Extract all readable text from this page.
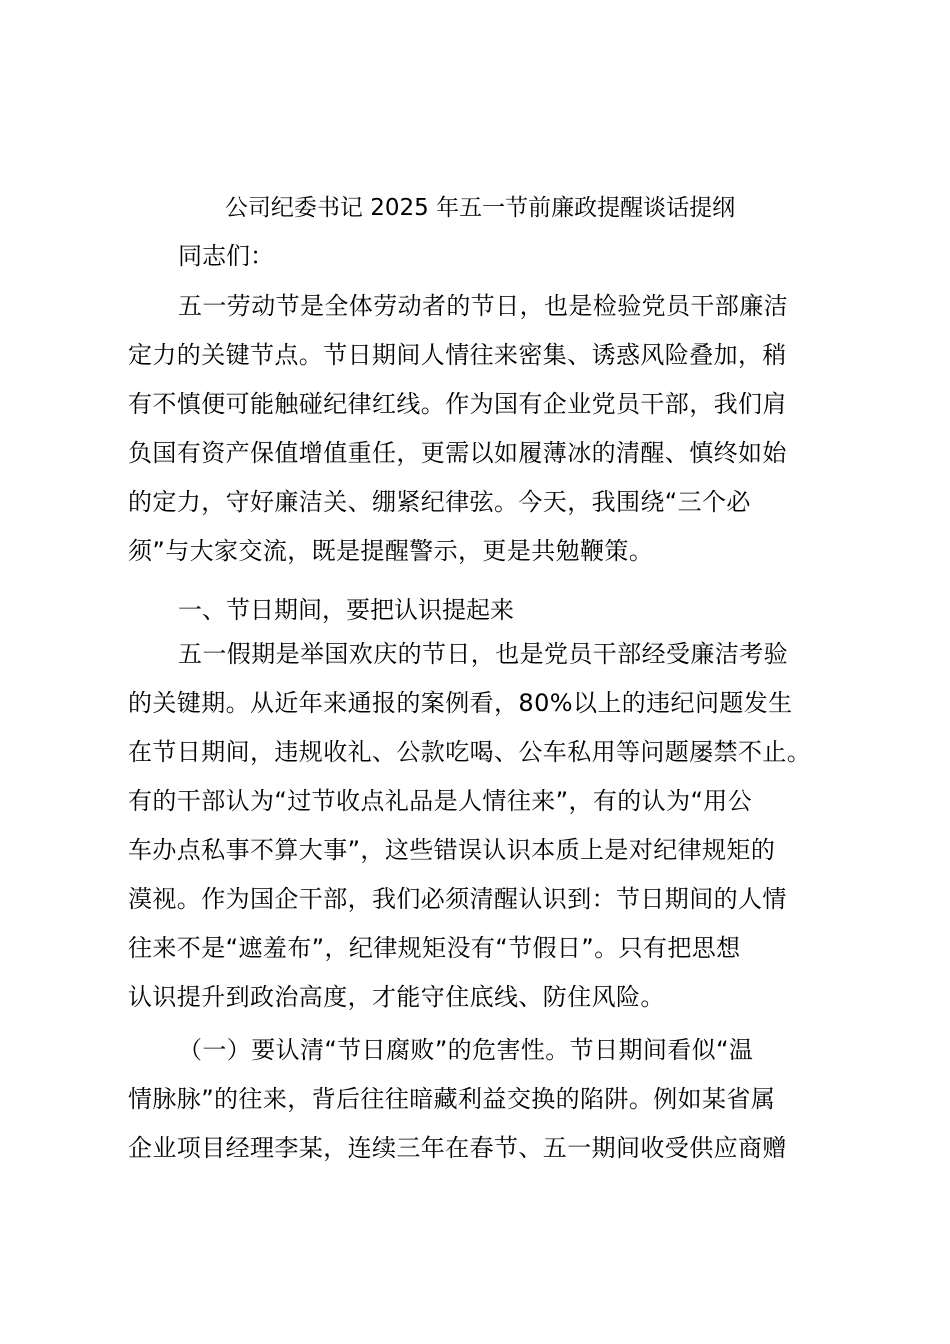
公司纪委书记 2025 年五一节前廉政提醒谈话提纲
同志们：
五一劳动节是全体劳动者的节日，也是检验党员干部廉洁
定力的关键节点。节日期间人情往来密集、诱惑风险叠加，稍
有不慎便可能触碰纪律红线。作为国有企业党员干部，我们肩
负国有资产保值增值重任，更需以如履薄冰的清醒、慎终如始
的定力，守好廉洁关、绷紧纪律弦。今天，我围绕“三个必
须”与大家交流，既是提醒警示，更是共勉鞭策。
一、节日期间，要把认识提起来
五一假期是举国欢庆的节日，也是党员干部经受廉洁考验
的关键期。从近年来通报的案例看，80%以上的违纪问题发生
在节日期间，违规收礼、公款吃喝、公车私用等问题屡禁不止。
有的干部认为“过节收点礼品是人情往来”，有的认为“用公
车办点私事不算大事”，这些错误认识本质上是对纪律规矩的
漠视。作为国企干部，我们必须清醒认识到：节日期间的人情
往来不是“遮羞布”，纪律规矩没有“节假日”。只有把思想
认识提升到政治高度，才能守住底线、防住风险。
（一）要认清“节日腐败”的危害性。节日期间看似“温
情脉脉”的往来，背后往往暗藏利益交换的陷阱。例如某省属
企业项目经理李某，连续三年在春节、五一期间收受供应商赠
